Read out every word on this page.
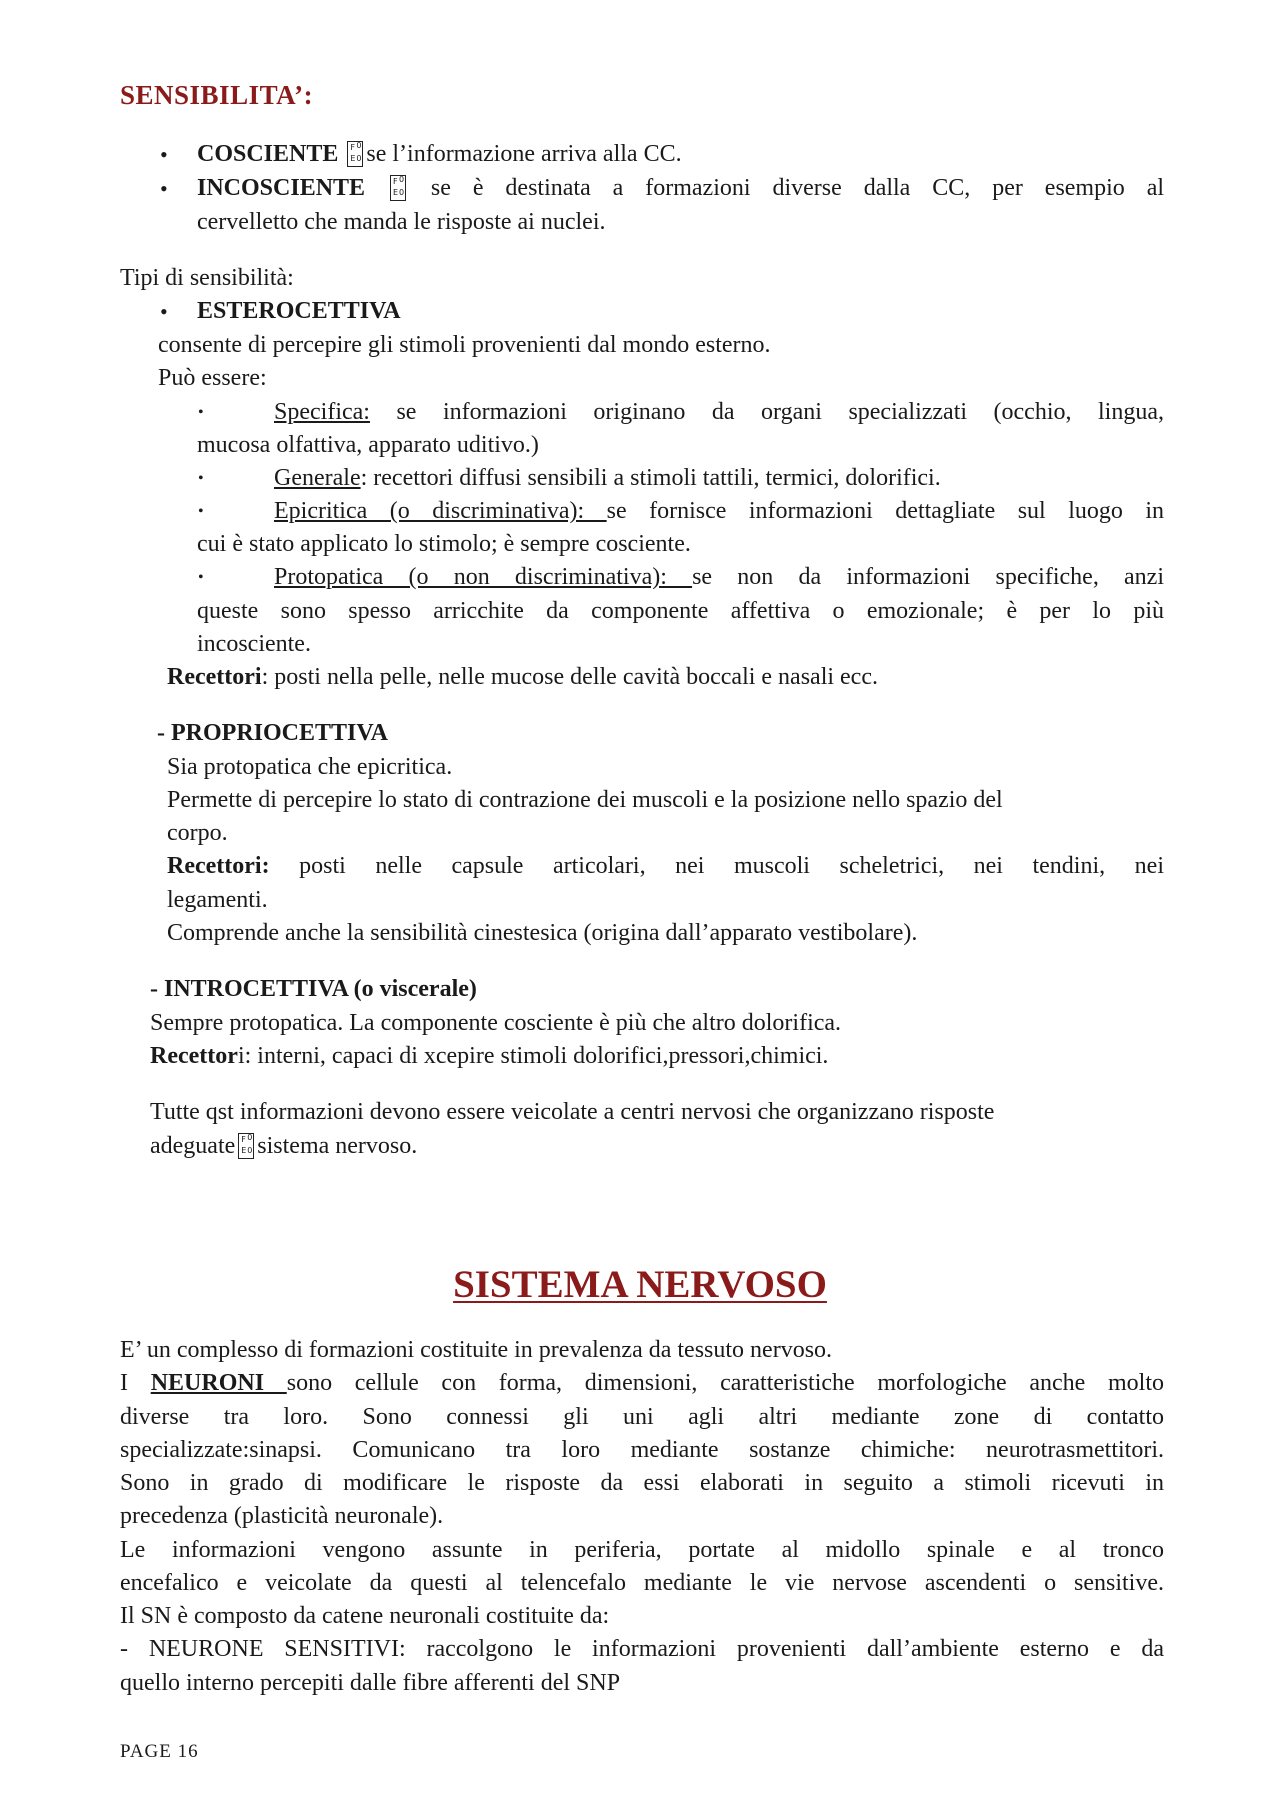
SENSIBILITA’:
• COSCIENTE F 0
E 0 se l’informazione arriva alla CC.
• INCOSCIENTE	F 0
E 0 se è destinata a formazioni diverse dalla CC, per esempio al
cervelletto che manda le risposte ai nuclei.
Tipi di sensibilità:
• ESTEROCETTIVA
consente di percepire gli stimoli provenienti dal mondo esterno.
Può essere:
•	Specifica: se informazioni originano da organi specializzati (occhio, lingua,
mucosa olfattiva, apparato uditivo.)
•	Generale: recettori diffusi sensibili a stimoli tattili, termici, dolorifici.
•	Epicritica (o discriminativa): se fornisce informazioni dettagliate sul luogo in
cui è stato applicato lo stimolo; è sempre cosciente.
•	Protopatica (o non discriminativa): se non da informazioni specifiche, anzi
queste sono spesso arricchite da componente affettiva o emozionale; è per lo più
incosciente.
Recettori: posti nella pelle, nelle mucose delle cavità boccali e nasali ecc.
- PROPRIOCETTIVA
Sia protopatica che epicritica.
Permette di percepire lo stato di contrazione dei muscoli e la posizione nello spazio del
corpo.
Recettori: posti nelle capsule articolari, nei muscoli scheletrici, nei tendini, nei
legamenti.
Comprende anche la sensibilità cinestesica (origina dall’apparato vestibolare).
- INTROCETTIVA (o viscerale)
Sempre protopatica. La componente cosciente è più che altro dolorifica.
Recettori: interni, capaci di xcepire stimoli dolorifici,pressori,chimici.
Tutte qst informazioni devono essere veicolate a centri nervosi che organizzano risposte
adeguate F 0
E 0 sistema nervoso.
SISTEMA NERVOSO
E’ un complesso di formazioni costituite in prevalenza da tessuto nervoso.
I NEURONI sono cellule con forma, dimensioni, caratteristiche morfologiche anche molto
diverse tra loro. Sono connessi gli uni agli altri mediante zone di contatto
specializzate:sinapsi. Comunicano tra loro mediante sostanze chimiche: neurotrasmettitori.
Sono in grado di modificare le risposte da essi elaborati in seguito a stimoli ricevuti in
precedenza (plasticità neuronale).
Le informazioni vengono assunte in periferia, portate al midollo spinale e al tronco
encefalico e veicolate da questi al telencefalo mediante le vie nervose ascendenti o sensitive.
Il SN è composto da catene neuronali costituite da:
- NEURONE SENSITIVI: raccolgono le informazioni provenienti dall’ambiente esterno e da
quello interno percepiti dalle fibre afferenti del SNP
PAGE 16
